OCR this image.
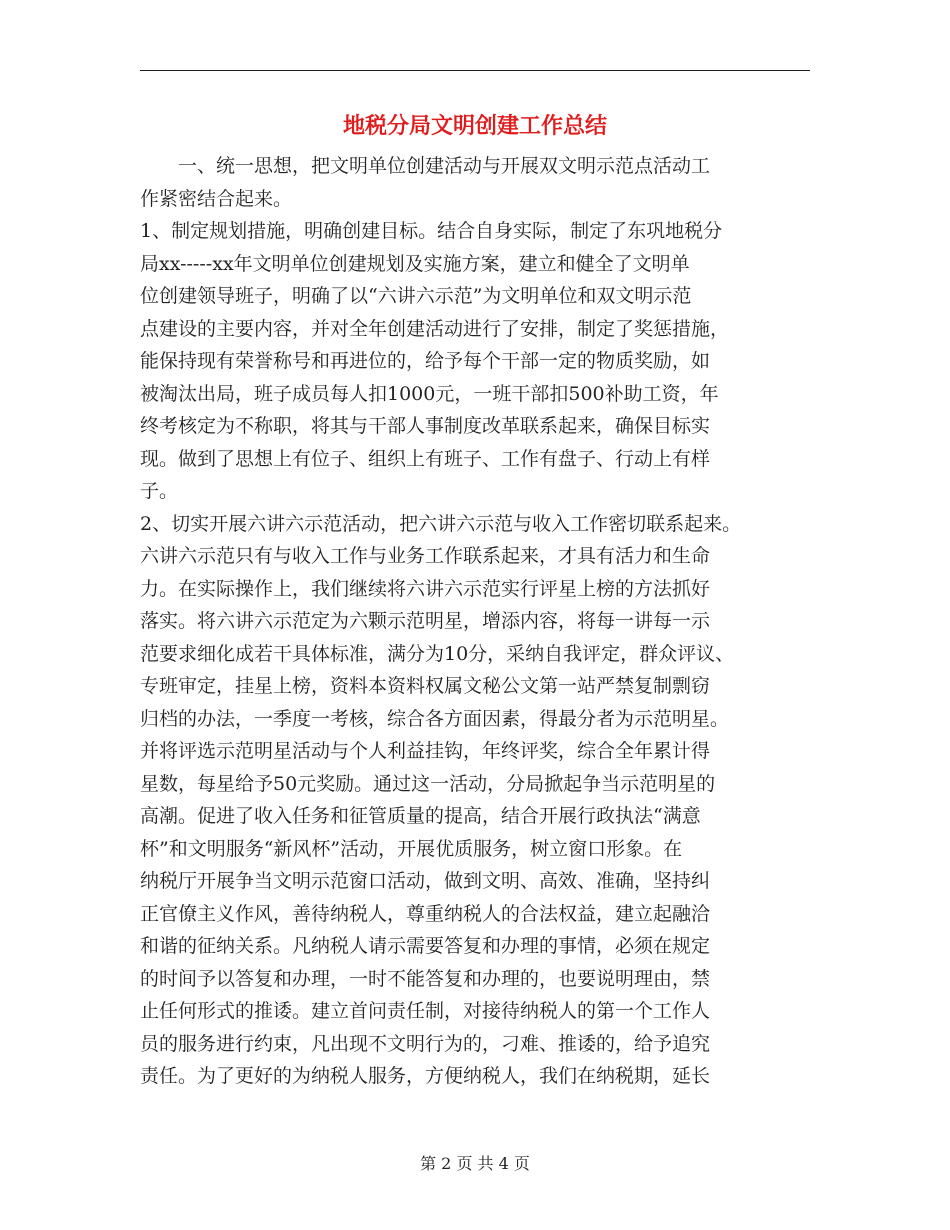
地税分局文明创建工作总结
　　一、统一思想，把文明单位创建活动与开展双文明示范点活动工
作紧密结合起来。
1、制定规划措施，明确创建目标。结合自身实际，制定了东巩地税分
局xx-----xx年文明单位创建规划及实施方案，建立和健全了文明单
位创建领导班子，明确了以“六讲六示范”为文明单位和双文明示范
点建设的主要内容，并对全年创建活动进行了安排，制定了奖惩措施，
能保持现有荣誉称号和再进位的，给予每个干部一定的物质奖励，如
被淘汰出局，班子成员每人扣1000元，一班干部扣500补助工资，年
终考核定为不称职，将其与干部人事制度改革联系起来，确保目标实
现。做到了思想上有位子、组织上有班子、工作有盘子、行动上有样
子。
2、切实开展六讲六示范活动，把六讲六示范与收入工作密切联系起来。
六讲六示范只有与收入工作与业务工作联系起来，才具有活力和生命
力。在实际操作上，我们继续将六讲六示范实行评星上榜的方法抓好
落实。将六讲六示范定为六颗示范明星，增添内容，将每一讲每一示
范要求细化成若干具体标准，满分为10分，采纳自我评定，群众评议、
专班审定，挂星上榜，资料本资料权属文秘公文第一站严禁复制剽窃
归档的办法，一季度一考核，综合各方面因素，得最分者为示范明星。
并将评选示范明星活动与个人利益挂钩，年终评奖，综合全年累计得
星数，每星给予50元奖励。通过这一活动，分局掀起争当示范明星的
高潮。促进了收入任务和征管质量的提高，结合开展行政执法“满意
杯”和文明服务“新风杯”活动，开展优质服务，树立窗口形象。在
纳税厅开展争当文明示范窗口活动，做到文明、高效、准确，坚持纠
正官僚主义作风，善待纳税人，尊重纳税人的合法权益，建立起融洽
和谐的征纳关系。凡纳税人请示需要答复和办理的事情，必须在规定
的时间予以答复和办理，一时不能答复和办理的，也要说明理由，禁
止任何形式的推诿。建立首问责任制，对接待纳税人的第一个工作人
员的服务进行约束，凡出现不文明行为的，刁难、推诿的，给予追究
责任。为了更好的为纳税人服务，方便纳税人，我们在纳税期，延长
第 2 页 共 4 页
